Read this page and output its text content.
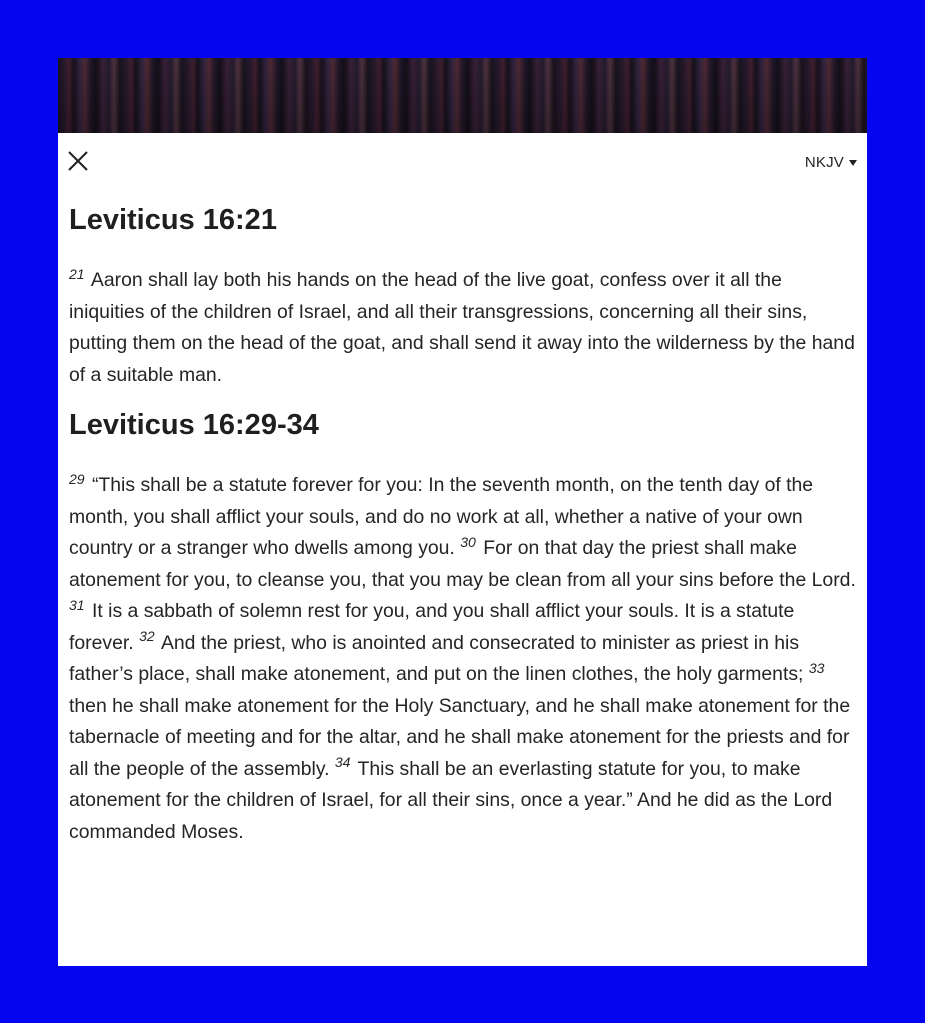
NKJV
Leviticus 16:21

$^{21}$ Aaron shall lay both his hands on the head of the live goat, confess over it all the iniquities of the children of Israel, and all their transgressions, concerning all their sins, putting them on the head of the goat, and shall send it away into the wilderness by the hand of a suitable man.

Leviticus 16:29-34

$^{29}$ “This shall be a statute forever for you: In the seventh month, on the tenth day of the month, you shall afflict your souls, and do no work at all, whether a native of your own country or a stranger who dwells among you. $^{30}$ For on that day the priest shall make atonement for you, to cleanse you, that you may be clean from all your sins before the Lord. $^{31}$ It is a sabbath of solemn rest for you, and you shall afflict your souls. It is a statute forever. $^{32}$ And the priest, who is anointed and consecrated to minister as priest in his father’s place, shall make atonement, and put on the linen clothes, the holy garments; $^{33}$ then he shall make atonement for the Holy Sanctuary, and he shall make atonement for the tabernacle of meeting and for the altar, and he shall make atonement for the priests and for all the people of the assembly. $^{34}$ This shall be an everlasting statute for you, to make atonement for the children of Israel, for all their sins, once a year.” And he did as the Lord commanded Moses.
